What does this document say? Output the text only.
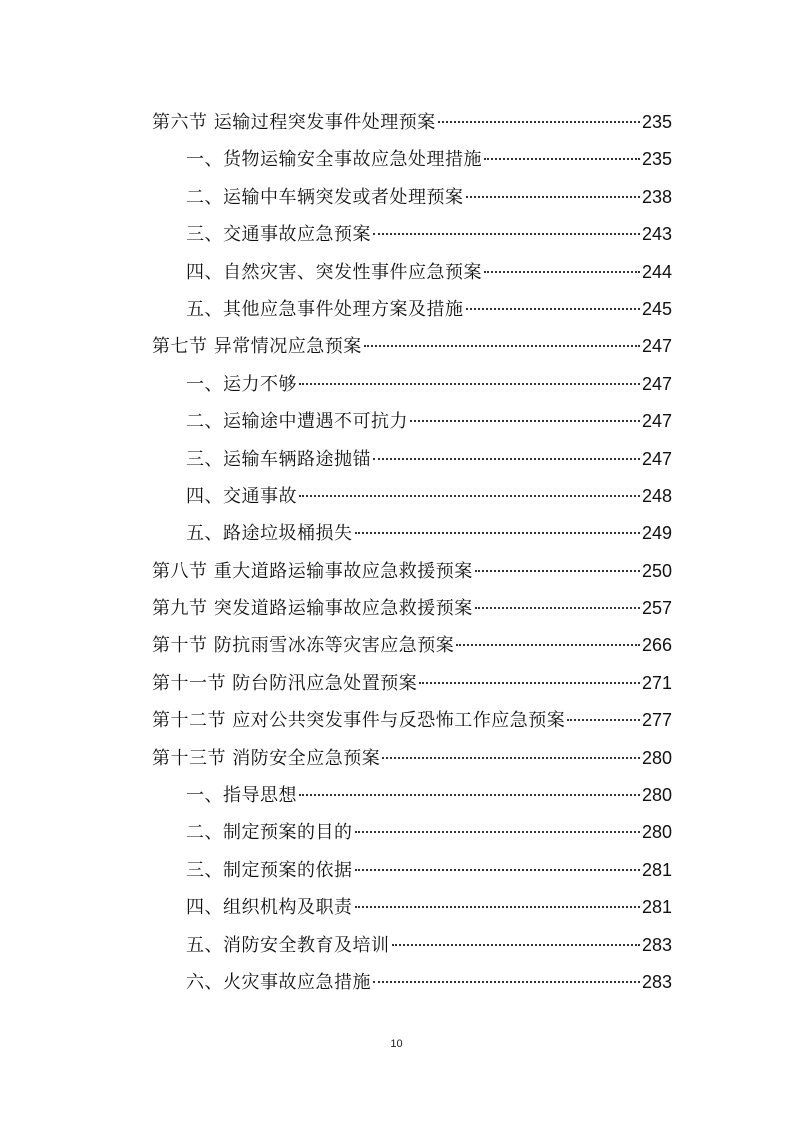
第六节 运输过程突发事件处理预案	235
一、货物运输安全事故应急处理措施	235
二、运输中车辆突发或者处理预案	238
三、交通事故应急预案	243
四、自然灾害、突发性事件应急预案	244
五、其他应急事件处理方案及措施	245
第七节 异常情况应急预案	247
一、运力不够	247
二、运输途中遭遇不可抗力	247
三、运输车辆路途抛锚	247
四、交通事故	248
五、路途垃圾桶损失	249
第八节 重大道路运输事故应急救援预案	250
第九节 突发道路运输事故应急救援预案	257
第十节 防抗雨雪冰冻等灾害应急预案	266
第十一节 防台防汛应急处置预案	271
第十二节 应对公共突发事件与反恐怖工作应急预案	277
第十三节 消防安全应急预案	280
一、指导思想	280
二、制定预案的目的	280
三、制定预案的依据	281
四、组织机构及职责	281
五、消防安全教育及培训	283
六、火灾事故应急措施	283
10
